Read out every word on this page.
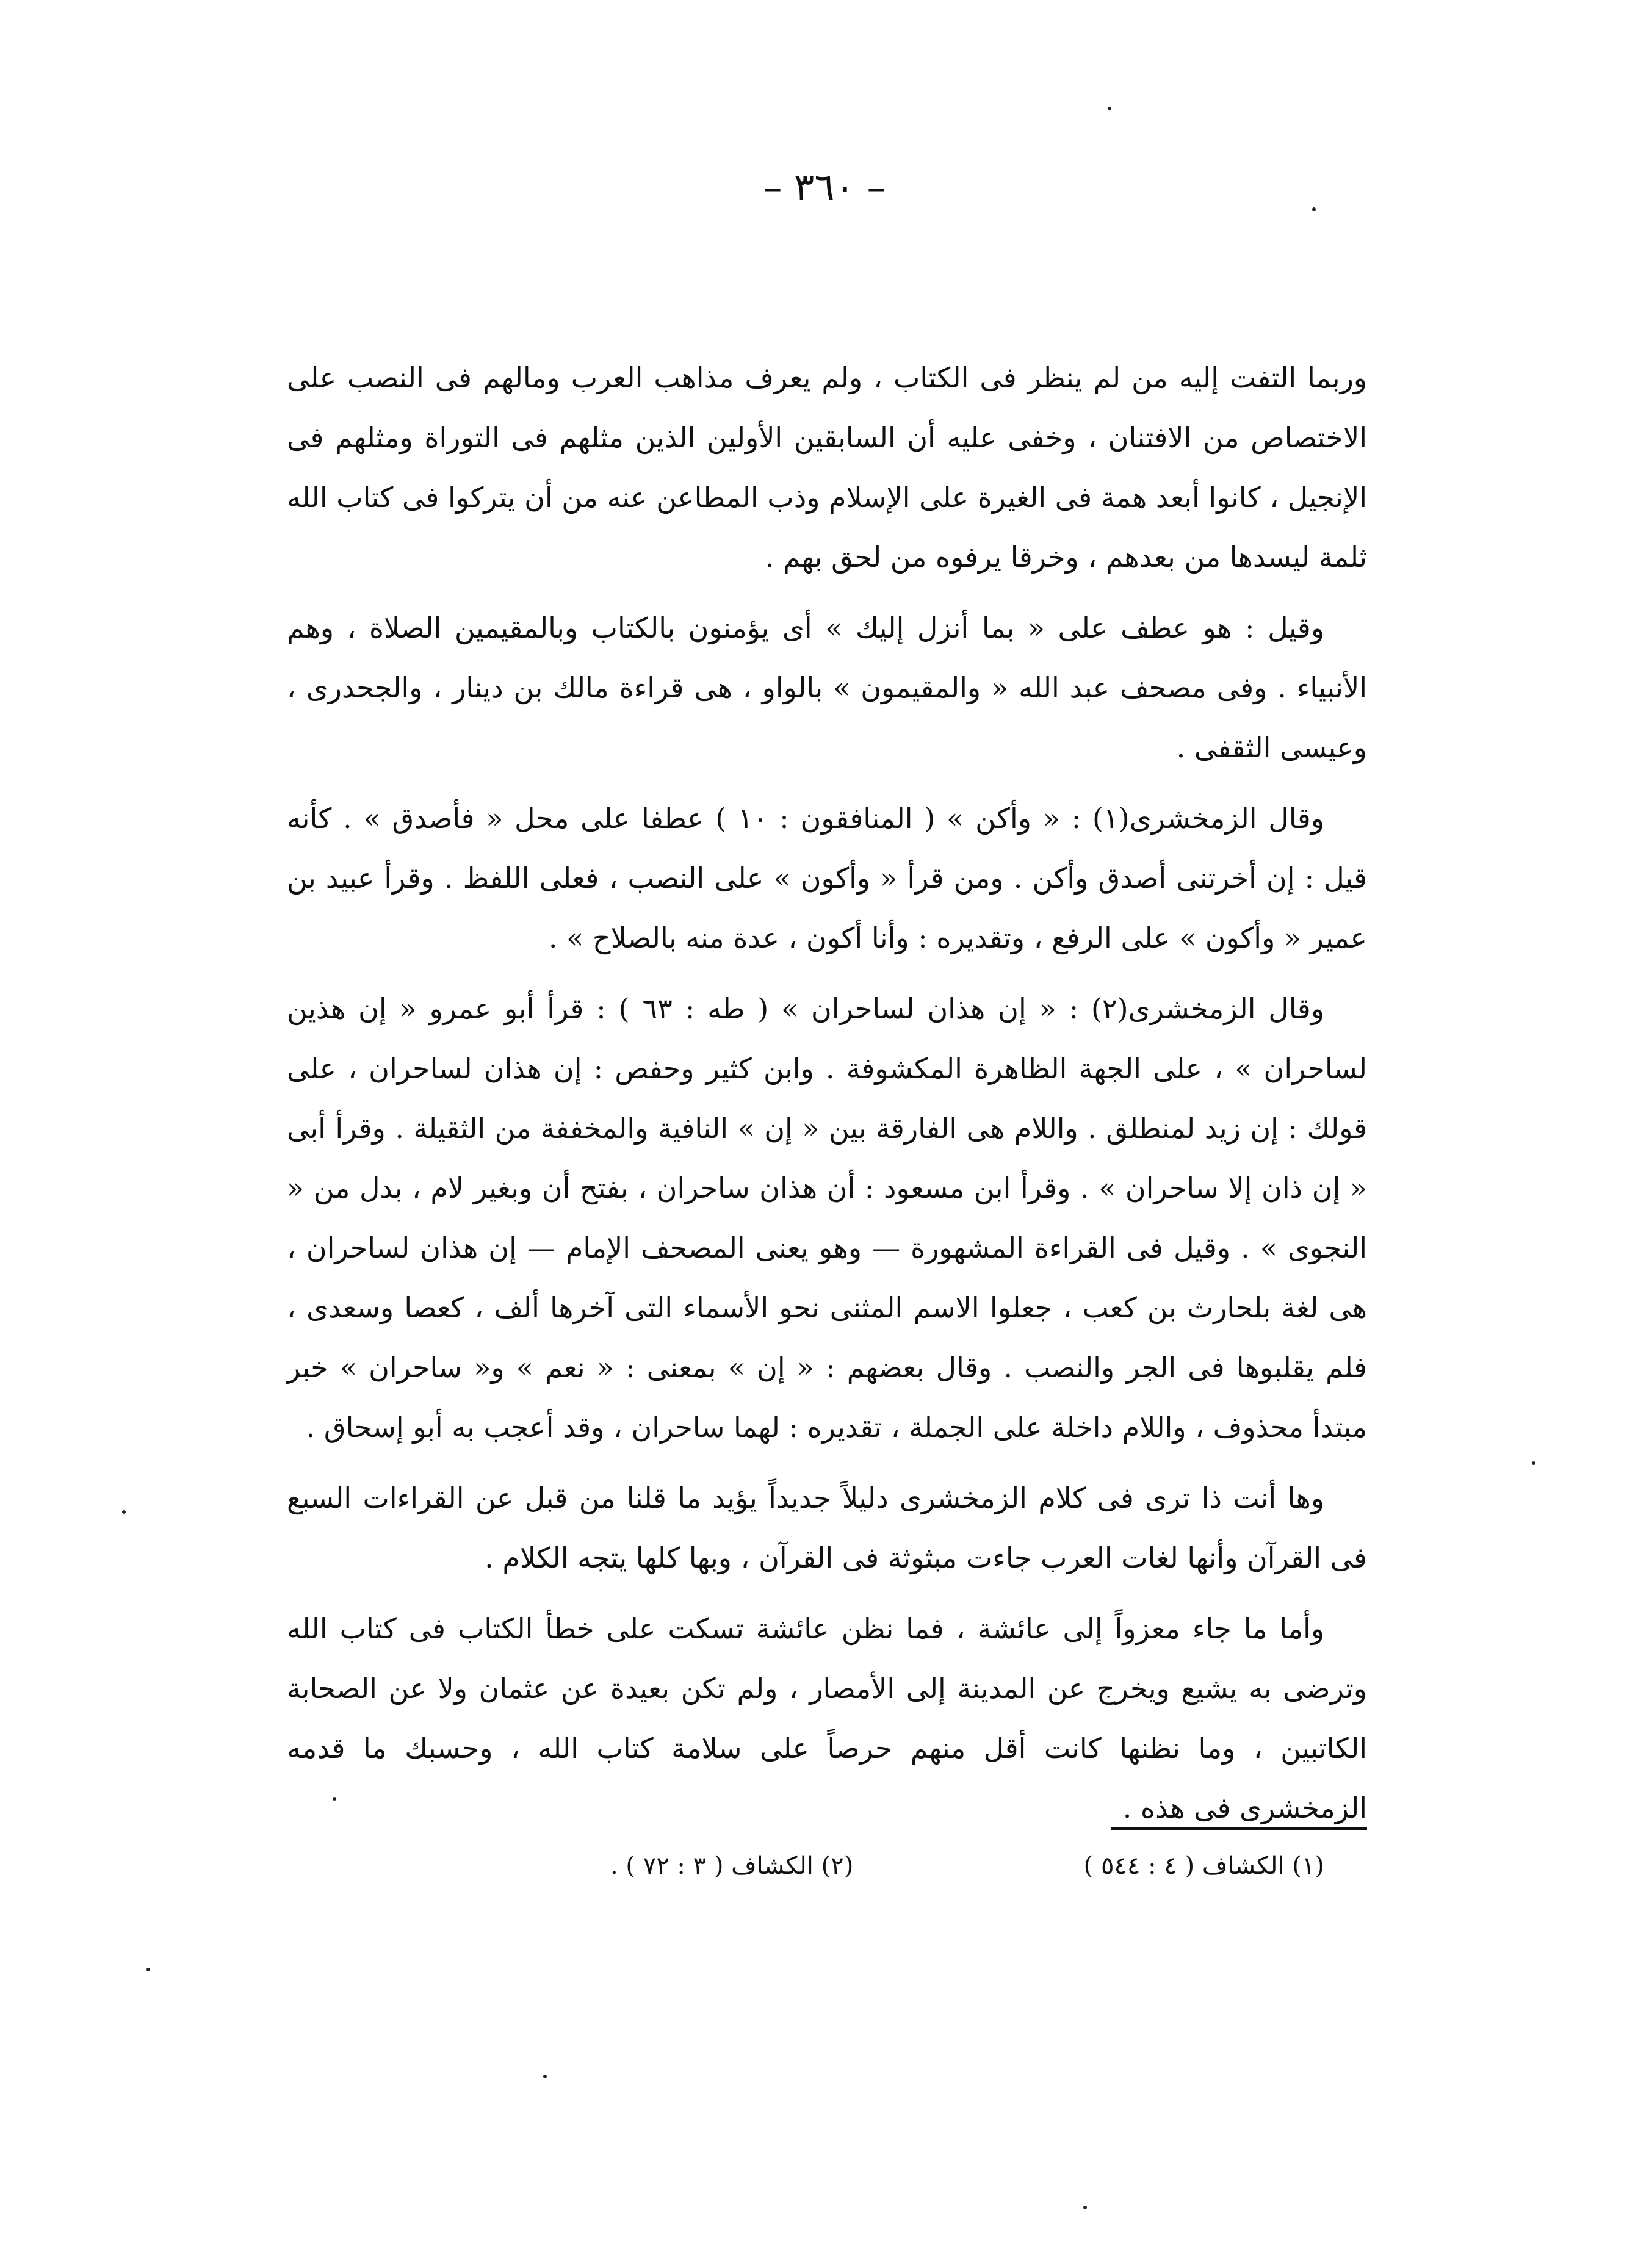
– ٣٦٠ –

وربما التفت إليه من لم ينظر فى الكتاب ، ولم يعرف مذاهب العرب ومالهم فى النصب على الاختصاص من الافتنان ، وخفى عليه أن السابقين الأولين الذين مثلهم فى التوراة ومثلهم فى الإنجيل ، كانوا أبعد همة فى الغيرة على الإسلام وذب المطاعن عنه من أن يتركوا فى كتاب الله ثلمة ليسدها من بعدهم ، وخرقا يرفوه من لحق بهم .

وقيل : هو عطف على « بما أنزل إليك » أى يؤمنون بالكتاب وبالمقيمين الصلاة ، وهم الأنبياء . وفى مصحف عبد الله « والمقيمون » بالواو ، هى قراءة مالك بن دينار ، والجحدرى ، وعيسى الثقفى .

وقال الزمخشرى(١) : « وأكن » ( المنافقون : ١٠ ) عطفا على محل « فأصدق » . كأنه قيل : إن أخرتنى أصدق وأكن . ومن قرأ « وأكون » على النصب ، فعلى اللفظ . وقرأ عبيد بن عمير « وأكون » على الرفع ، وتقديره : وأنا أكون ، عدة منه بالصلاح » .

وقال الزمخشرى(٢) : « إن هذان لساحران » ( طه : ٦٣ ) : قرأ أبو عمرو « إن هذين لساحران » ، على الجهة الظاهرة المكشوفة . وابن كثير وحفص : إن هذان لساحران ، على قولك : إن زيد لمنطلق . واللام هى الفارقة بين « إن » النافية والمخففة من الثقيلة . وقرأ أبى « إن ذان إلا ساحران » . وقرأ ابن مسعود : أن هذان ساحران ، بفتح أن وبغير لام ، بدل من « النجوى » . وقيل فى القراءة المشهورة — وهو يعنى المصحف الإمام — إن هذان لساحران ، هى لغة بلحارث بن كعب ، جعلوا الاسم المثنى نحو الأسماء التى آخرها ألف ، كعصا وسعدى ، فلم يقلبوها فى الجر والنصب . وقال بعضهم : « إن » بمعنى : « نعم » و« ساحران » خبر مبتدأ محذوف ، واللام داخلة على الجملة ، تقديره : لهما ساحران ، وقد أعجب به أبو إسحاق .

وها أنت ذا ترى فى كلام الزمخشرى دليلاً جديداً يؤيد ما قلنا من قبل عن القراءات السبع فى القرآن وأنها لغات العرب جاءت مبثوثة فى القرآن ، وبها كلها يتجه الكلام .

وأما ما جاء معزواً إلى عائشة ، فما نظن عائشة تسكت على خطأ الكتاب فى كتاب الله وترضى به يشيع ويخرج عن المدينة إلى الأمصار ، ولم تكن بعيدة عن عثمان ولا عن الصحابة الكاتبين ، وما نظنها كانت أقل منهم حرصاً على سلامة كتاب الله ، وحسبك ما قدمه الزمخشرى فى هذه .

(١) الكشاف ( ٤ : ٥٤٤ )
(٢) الكشاف ( ٣ : ٧٢ ) .
